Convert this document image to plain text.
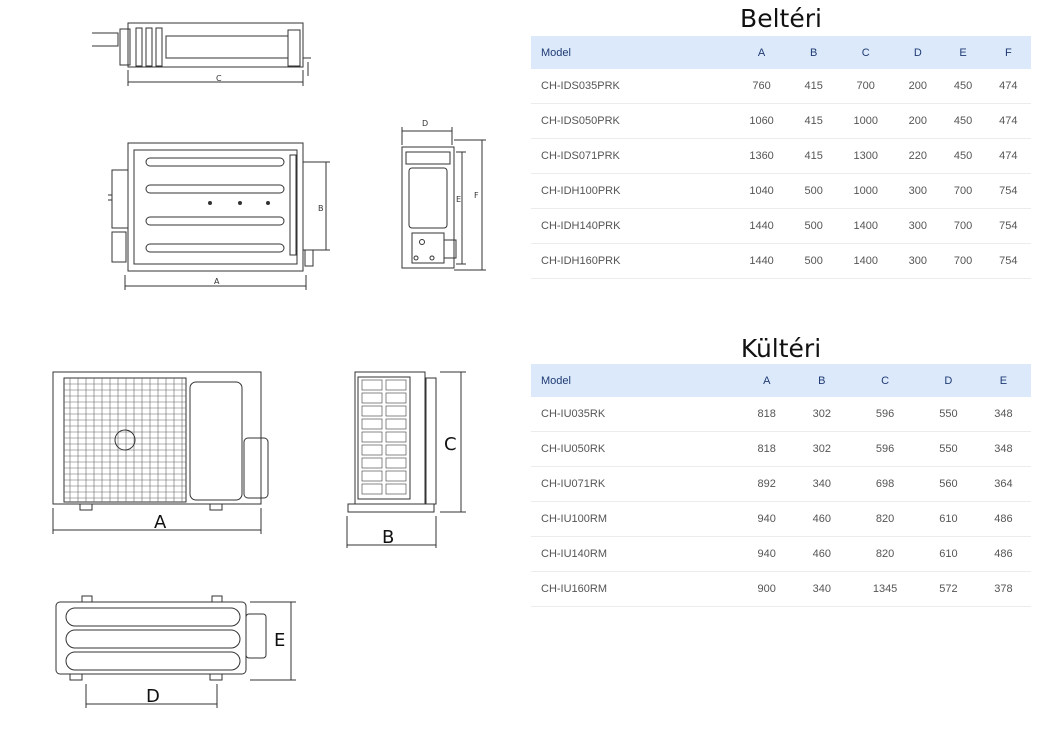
C
A
B
D
E F
A
B
C
D
E
Beltéri
Model	A	B	C	D	E	F
CH-IDS035PRK	760	415	700	200	450	474
CH-IDS050PRK	1060	415	1000	200	450	474
CH-IDS071PRK	1360	415	1300	220	450	474
CH-IDH100PRK	1040	500	1000	300	700	754
CH-IDH140PRK	1440	500	1400	300	700	754
CH-IDH160PRK	1440	500	1400	300	700	754
Kültéri
Model	A	B	C	D	E
CH-IU035RK	818	302	596	550	348
CH-IU050RK	818	302	596	550	348
CH-IU071RK	892	340	698	560	364
CH-IU100RM	940	460	820	610	486
CH-IU140RM	940	460	820	610	486
CH-IU160RM	900	340	1345	572	378
